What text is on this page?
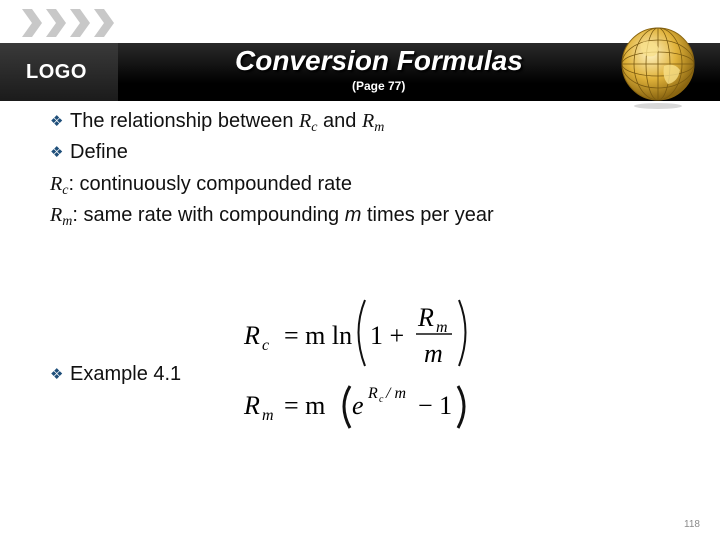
LOGO	Conversion Formulas
(Page 77)
❖ The relationship between $R_c$ and $R_m$
❖ Define
$R_c$: continuously compounded rate
$R_m$: same rate with compounding m times per year
❖ Example 4.1
R c = m ln 1 +
R m
m
R m = m e R c / m − 1
118
